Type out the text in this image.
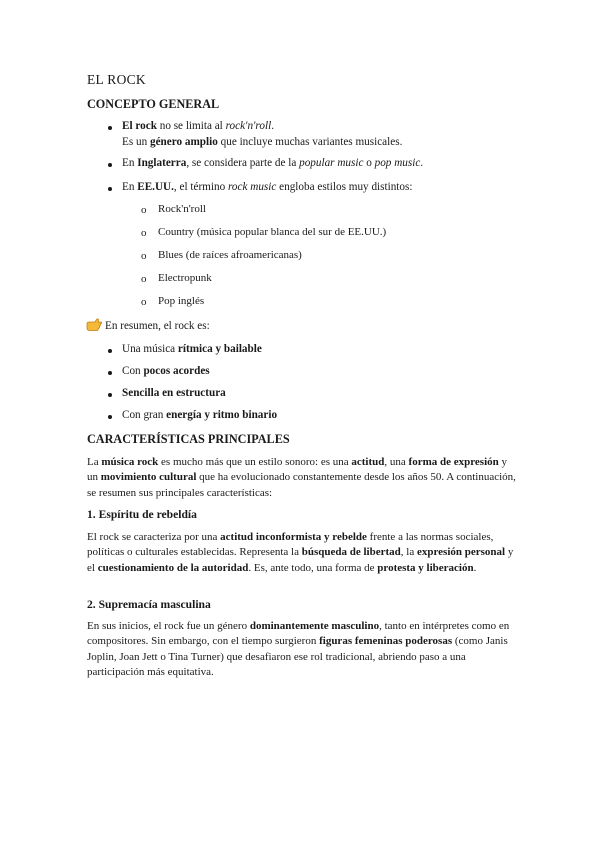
EL ROCK
CONCEPTO GENERAL
El rock no se limita al rock'n'roll.
Es un género amplio que incluye muchas variantes musicales.
En Inglaterra, se considera parte de la popular music o pop music.
En EE.UU., el término rock music engloba estilos muy distintos:
o Rock'n'roll
o Country (música popular blanca del sur de EE.UU.)
o Blues (de raíces afroamericanas)
o Electropunk
o Pop inglés
En resumen, el rock es:
Una música rítmica y bailable
Con pocos acordes
Sencilla en estructura
Con gran energía y ritmo binario
CARACTERÍSTICAS PRINCIPALES
La música rock es mucho más que un estilo sonoro: es una actitud, una forma de expresión y un movimiento cultural que ha evolucionado constantemente desde los años 50. A continuación, se resumen sus principales características:
1. Espíritu de rebeldía
El rock se caracteriza por una actitud inconformista y rebelde frente a las normas sociales, políticas o culturales establecidas. Representa la búsqueda de libertad, la expresión personal y el cuestionamiento de la autoridad. Es, ante todo, una forma de protesta y liberación.
2. Supremacía masculina
En sus inicios, el rock fue un género dominantemente masculino, tanto en intérpretes como en compositores. Sin embargo, con el tiempo surgieron figuras femeninas poderosas (como Janis Joplin, Joan Jett o Tina Turner) que desafiaron ese rol tradicional, abriendo paso a una participación más equitativa.
